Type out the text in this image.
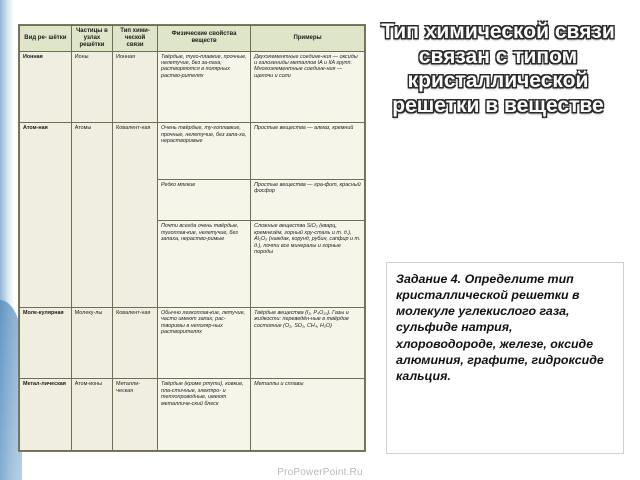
Вид ре- шётки	Частицы в узлах решётки	Тип хими-ческой связи	Физические свойства веществ	Примеры
Ионная	Ионы	Ионная	Твёрдые, туго-плавкие, прочные, нелетучие, без за-паха, растворяются в полярных раство-рителях	Двухэлементные соедине-ния — оксиды и галогениды металлов IA и IIA групп. Многоэлементные соедине-ния — щелочи и соли
Атом-ная	Атомы	Ковалент-ная	Очень твёрдые, ту-гоплавкие, прочные, нелетучие, без запа-ха, нерастворимые	Простые вещества — алмаз, кремний
			Редко мягкие	Простые вещества — гра-фит, красный фосфор
			Почти всегда очень твёрдые, тугоплав-кие, нелетучие, без запаха, нераство-римые	Сложные вещества SiO₂ (кварц, кремнезём, горный хру-сталь и т. д.), Al₂O₃ (наждак, корунд, рубин, сапфир и т. д.), почти все минералы и горные породы
Моле-кулярная	Молеку-лы	Ковалент-ная	Обычно легкоплав-кие, летучие, часто имеют запах, рас-творимы в неполяр-ных растворителях	Твёрдые вещества (I₂, P₄O₁₀). Газы и жидкости: переведён-ные в твёрдое состояние (O₂, SO₂, CH₄, H₂O)
Метал-лическая	Атом-ионы	Металли-ческая	Твёрдые (кроме ртути), ковкие, пла-стичные, электро- и теплопроводные, имеют металличе-ский блеск	Металлы и сплавы
Тип химической связи связан с типом кристаллической решетки в веществе
Задание 4. Определите тип кристаллической решетки в молекуле углекислого газа, сульфиде натрия, хлороводороде, железе, оксиде алюминия, графите, гидроксиде кальция.
ProPowerPoint.Ru
